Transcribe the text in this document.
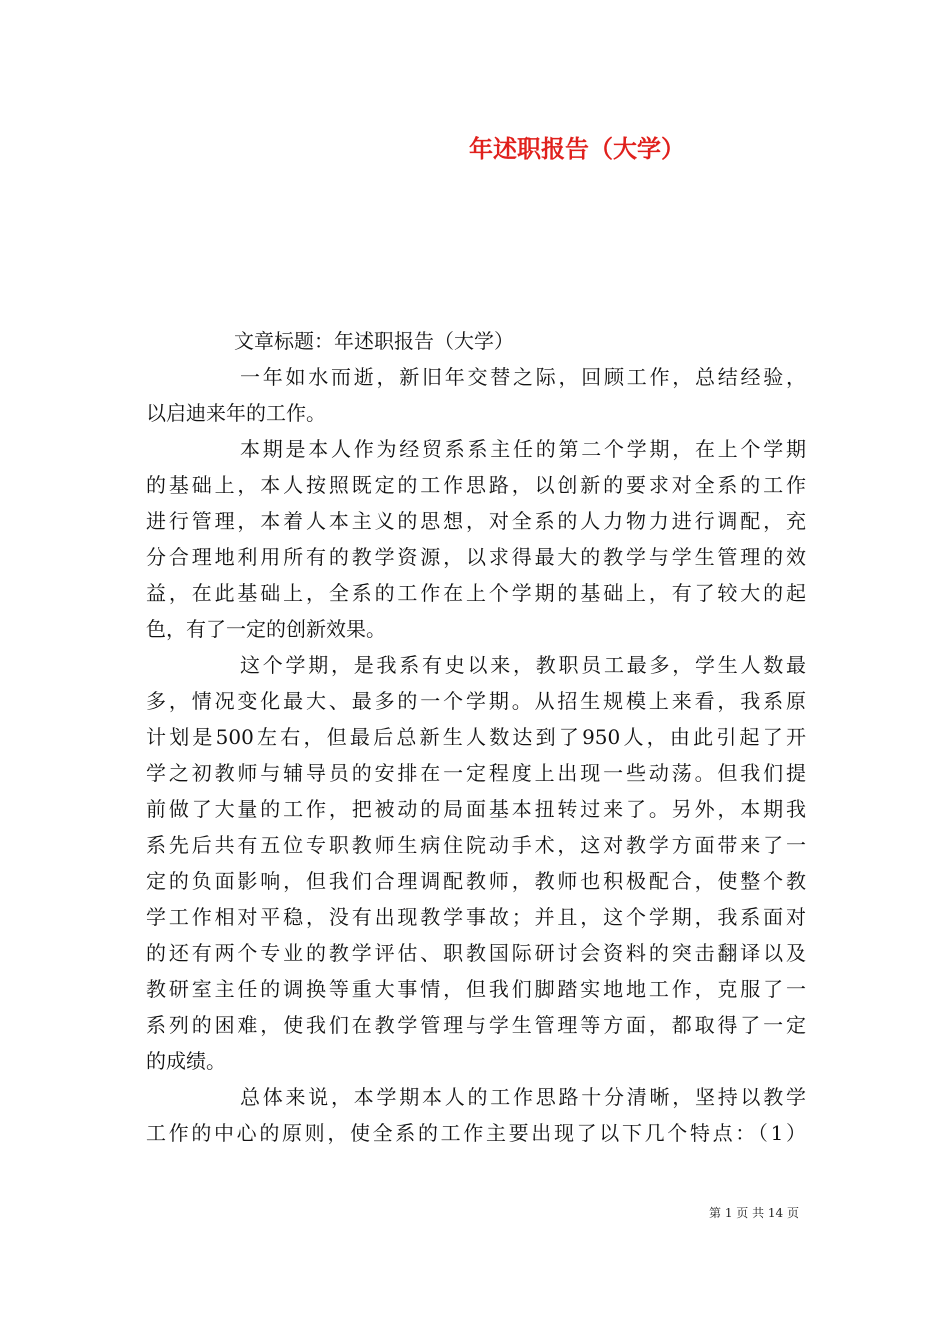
年述职报告（大学）
文章标题：年述职报告（大学）
一年如水而逝，新旧年交替之际，回顾工作，总结经验，
以启迪来年的工作。
本期是本人作为经贸系系主任的第二个学期，在上个学期
的基础上，本人按照既定的工作思路，以创新的要求对全系的工作
进行管理，本着人本主义的思想，对全系的人力物力进行调配，充
分合理地利用所有的教学资源，以求得最大的教学与学生管理的效
益，在此基础上，全系的工作在上个学期的基础上，有了较大的起
色，有了一定的创新效果。
这个学期，是我系有史以来，教职员工最多，学生人数最
多，情况变化最大、最多的一个学期。从招生规模上来看，我系原
计划是500左右，但最后总新生人数达到了950人，由此引起了开
学之初教师与辅导员的安排在一定程度上出现一些动荡。但我们提
前做了大量的工作，把被动的局面基本扭转过来了。另外，本期我
系先后共有五位专职教师生病住院动手术，这对教学方面带来了一
定的负面影响，但我们合理调配教师，教师也积极配合，使整个教
学工作相对平稳，没有出现教学事故；并且，这个学期，我系面对
的还有两个专业的教学评估、职教国际研讨会资料的突击翻译以及
教研室主任的调换等重大事情，但我们脚踏实地地工作，克服了一
系列的困难，使我们在教学管理与学生管理等方面，都取得了一定
的成绩。
总体来说，本学期本人的工作思路十分清晰，坚持以教学
工作的中心的原则，使全系的工作主要出现了以下几个特点：（1）
第 1 页 共 14 页
